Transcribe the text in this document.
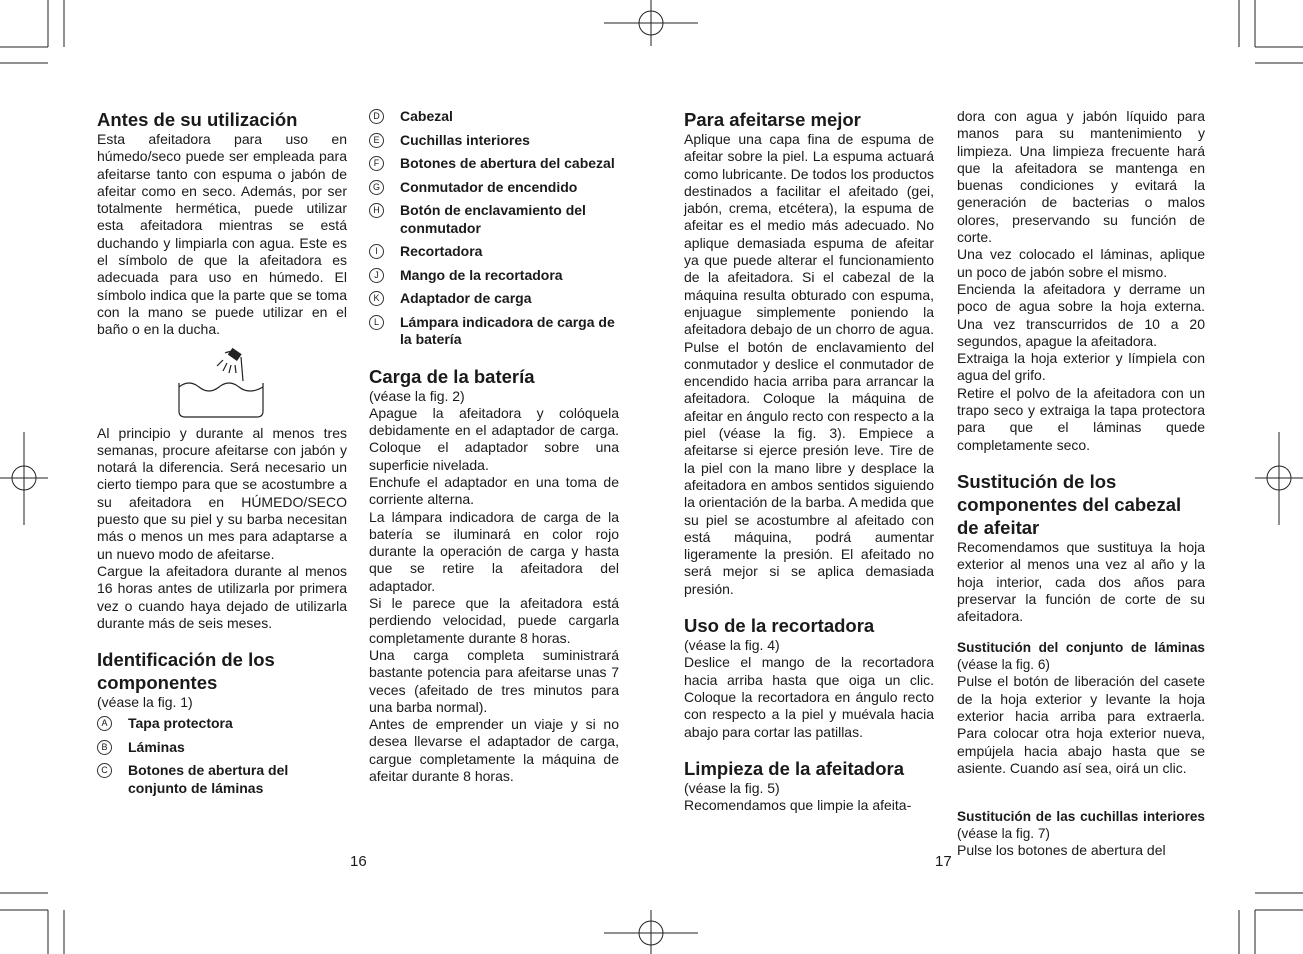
Antes de su utilización

Esta afeitadora para uso en húmedo/seco puede ser empleada para afeitarse tanto con espuma o jabón de afeitar como en seco. Además, por ser totalmente hermética, puede utilizar esta afeitadora mientras se está duchando y limpiarla con agua. Este es el símbolo de que la afeitadora es adecuada para uso en húmedo. El símbolo indica que la parte que se toma con la mano se puede utilizar en el baño o en la ducha.

Al principio y durante al menos tres semanas, procure afeitarse con jabón y notará la diferencia. Será necesario un cierto tiempo para que se acostumbre a su afeitadora en HÚMEDO/SECO puesto que su piel y su barba necesitan más o menos un mes para adaptarse a un nuevo modo de afeitarse.

Cargue la afeitadora durante al menos 16 horas antes de utilizarla por primera vez o cuando haya dejado de utilizarla durante más de seis meses.

Identificación de los componentes

(véase la fig. 1)

A	Tapa protectora
B	Láminas
C	Botones de abertura del conjunto de láminas
D	Cabezal
E	Cuchillas interiores
F	Botones de abertura del cabezal
G Conmutador de encendido
H	Botón de enclavamiento del conmutador
I	Recortadora
J	Mango de la recortadora
K	Adaptador de carga
L	Lámpara indicadora de carga de la batería
Carga de la batería

(véase la fig. 2)

Apague la afeitadora y colóquela debidamente en el adaptador de carga. Coloque el adaptador sobre una superficie nivelada.

Enchufe el adaptador en una toma de corriente alterna.

La lámpara indicadora de carga de la batería se iluminará en color rojo durante la operación de carga y hasta que se retire la afeitadora del adaptador.

Si le parece que la afeitadora está perdiendo velocidad, puede cargarla completamente durante 8 horas.

Una carga completa suministrará bastante potencia para afeitarse unas 7 veces (afeitado de tres minutos para una barba normal).

Antes de emprender un viaje y si no desea llevarse el adaptador de carga, cargue completamente la máquina de afeitar durante 8 horas.

16
Para afeitarse mejor

Aplique una capa fina de espuma de afeitar sobre la piel. La espuma actuará como lubricante. De todos los productos destinados a facilitar el afeitado (gei, jabón, crema, etcétera), la espuma de afeitar es el medio más adecuado. No aplique demasiada espuma de afeitar ya que puede alterar el funcionamiento de la afeitadora. Si el cabezal de la máquina resulta obturado con espuma, enjuague simplemente poniendo la afeitadora debajo de un chorro de agua. Pulse el botón de enclavamiento del conmutador y deslice el conmutador de encendido hacia arriba para arrancar la afeitadora. Coloque la máquina de afeitar en ángulo recto con respecto a la piel (véase la fig. 3). Empiece a afeitarse si ejerce presión leve. Tire de la piel con la mano libre y desplace la afeitadora en ambos sentidos siguiendo la orientación de la barba. A medida que su piel se acostumbre al afeitado con está máquina, podrá aumentar ligeramente la presión. El afeitado no será mejor si se aplica demasiada presión.

Uso de la recortadora

(véase la fig. 4)

Deslice el mango de la recortadora hacia arriba hasta que oiga un clic. Coloque la recortadora en ángulo recto con respecto a la piel y muévala hacia abajo para cortar las patillas.

Limpieza de la afeitadora

(véase la fig. 5)

Recomendamos que limpie la afeita-

dora con agua y jabón líquido para manos para su mantenimiento y limpieza. Una limpieza frecuente hará que la afeitadora se mantenga en buenas condiciones y evitará la generación de bacterias o malos olores, preservando su función de corte.

Una vez colocado el láminas, aplique un poco de jabón sobre el mismo.

Encienda la afeitadora y derrame un poco de agua sobre la hoja externa. Una vez transcurridos de 10 a 20 segundos, apague la afeitadora.

Extraiga la hoja exterior y límpiela con agua del grifo.

Retire el polvo de la afeitadora con un trapo seco y extraiga la tapa protectora para que el láminas quede completamente seco.

Sustitución de los componentes del cabezal de afeitar

Recomendamos que sustituya la hoja exterior al menos una vez al año y la hoja interior, cada dos años para preservar la función de corte de su afeitadora.

Sustitución del conjunto de láminas (véase la fig. 6)

Pulse el botón de liberación del casete de la hoja exterior y levante la hoja exterior hacia arriba para extraerla. Para colocar otra hoja exterior nueva, empújela hacia abajo hasta que se asiente. Cuando así sea, oirá un clic.

Sustitución de las cuchillas interiores (véase la fig. 7)

Pulse los botones de abertura del

17
